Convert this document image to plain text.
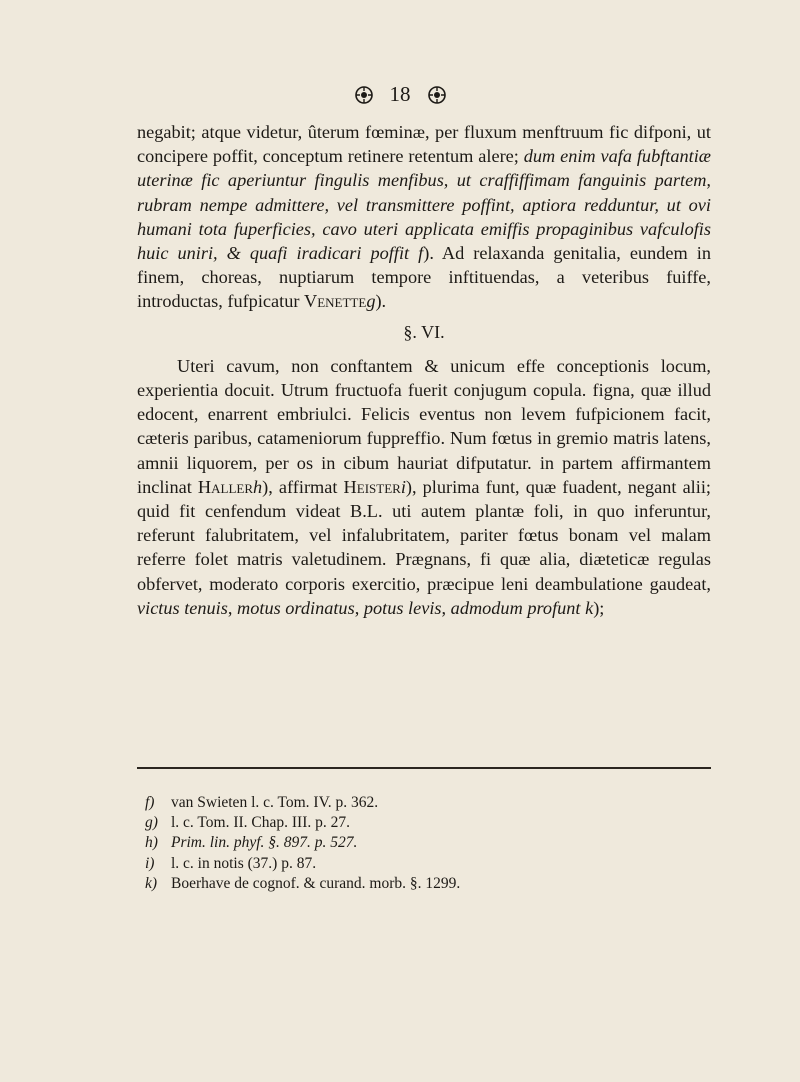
18

negabit; atque videtur, ûterum fœminæ, per fluxum menftruum fic difponi, ut concipere poffit, conceptum retinere retentum alere; dum enim vafa fubftantiæ uterinæ fic aperiuntur fingulis menfibus, ut craffiffimam fanguinis partem, rubram nempe admittere, vel transmittere poffint, aptiora redduntur, ut ovi humani tota fuperficies, cavo uteri applicata emiffis propaginibus vafculofis huic uniri, & quafi iradicari poffit f). Ad relaxanda genitalia, eundem in finem, choreas, nuptiarum tempore inftituendas, a veteribus fuiffe, introductas, fufpicatur Venetteg).

§. VI.

Uteri cavum, non conftantem & unicum effe conceptionis locum, experientia docuit. Utrum fructuofa fuerit conjugum copula. figna, quæ illud edocent, enarrent embriulci. Felicis eventus non levem fufpicionem facit, cæteris paribus, catameniorum fuppreffio. Num fœtus in gremio matris latens, amnii liquorem, per os in cibum hauriat difputatur. in partem affirmantem inclinat Hallerh), affirmat Heisteri), plurima funt, quæ fuadent, negant alii; quid fit cenfendum videat B.L. uti autem plantæ foli, in quo inferuntur, referunt falubritatem, vel infalubritatem, pariter fœtus bonam vel malam referre folet matris valetudinem. Prægnans, fi quæ alia, diæteticæ regulas obfervet, moderato corporis exercitio, præcipue leni deambulatione gaudeat, victus tenuis, motus ordinatus, potus levis, admodum profunt k);

f)	van Swieten l. c. Tom. IV. p. 362.
g) l. c. Tom. II. Chap. III. p. 27.
h) Prim. lin. phyf. §. 897. p. 527.
i)	l. c. in notis (37.) p. 87.
k) Boerhave de cognof. & curand. morb. §. 1299.
